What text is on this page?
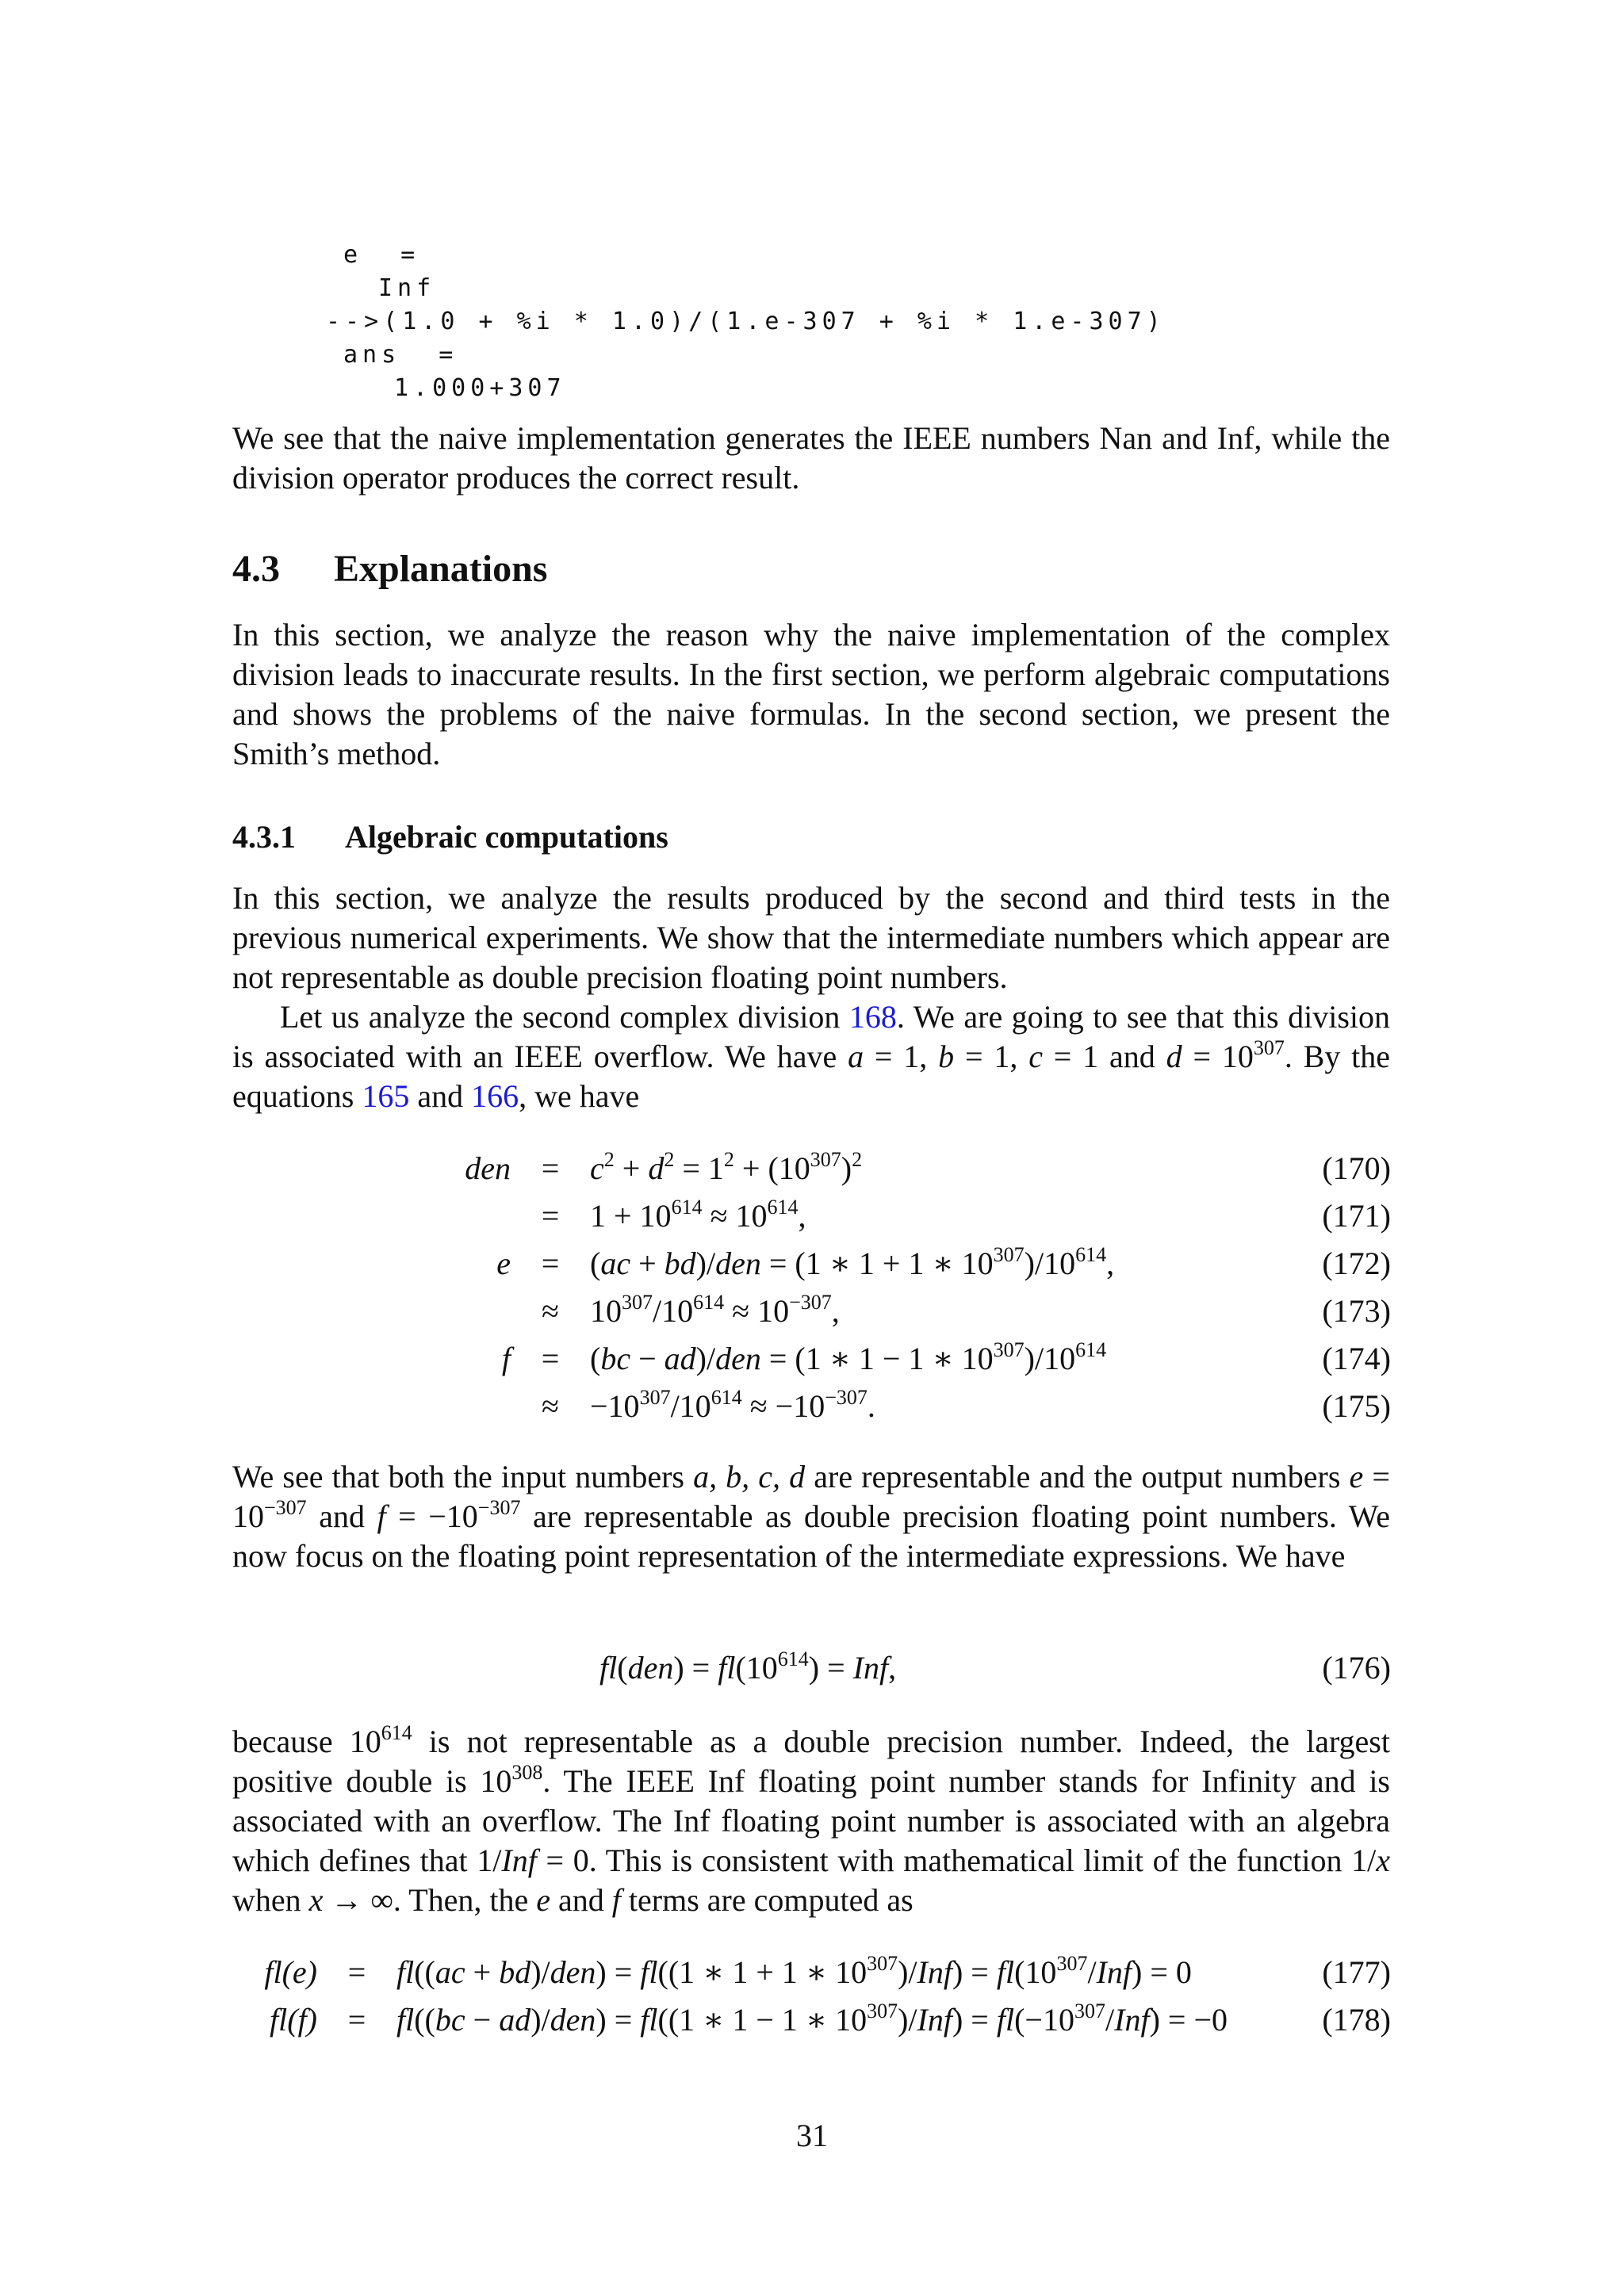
e  =
Inf
-->(1.0 + %i * 1.0)/(1.e-307 + %i * 1.e-307)
ans  =
1.000+307

We see that the naive implementation generates the IEEE numbers Nan and Inf, while the division operator produces the correct result.

4.3 Explanations

In this section, we analyze the reason why the naive implementation of the complex division leads to inaccurate results. In the first section, we perform algebraic computations and shows the problems of the naive formulas. In the second section, we present the Smith’s method.

4.3.1 Algebraic computations

In this section, we analyze the results produced by the second and third tests in the previous numerical experiments. We show that the intermediate numbers which appear are not representable as double precision floating point numbers.

Let us analyze the second complex division 168. We are going to see that this division is associated with an IEEE overflow. We have a = 1, b = 1, c = 1 and $d = 10^{307}$. By the equations 165 and 166, we have

den = $c^2 + d^2 = 1^2 + (10^{307})^2$	(170)
= $1 + 10^{614} \approx 10^{614}$,	(171)
e = (ac + bd)/den = (1 ∗ 1 + 1 ∗ $10^{307})/10^{614}$,	(172)
≈ $10^{307}/10^{614} \approx 10^{-307}$,	(173)
f = (bc − ad)/den = (1 ∗ 1 − 1 ∗ $10^{307})/10^{614}$	(174)
≈ $-10^{307}/10^{614} \approx -10^{-307}$.	(175)

We see that both the input numbers a, b, c, d are representable and the output numbers $e = 10^{-307}$ and $f = -10^{-307}$ are representable as double precision floating point numbers. We now focus on the floating point representation of the intermediate expressions. We have

$fl(den) = fl(10^{614})$ = Inf,	(176)

because $10^{614}$ is not representable as a double precision number. Indeed, the largest positive double is $10^{308}$. The IEEE Inf floating point number stands for Infinity and is associated with an overflow. The Inf floating point number is associated with an algebra which defines that 1/Inf = 0. This is consistent with mathematical limit of the function 1/x when x → ∞. Then, the e and f terms are computed as

fl(e) = fl((ac + bd)/den) = fl((1 ∗ 1 + 1 ∗ $10^{307})/Inf) = fl(10^{307}/Inf) = 0$	(177)
fl(f) = fl((bc − ad)/den) = fl((1 ∗ 1 − 1 ∗ $10^{307})/Inf) = fl(-10^{307}/Inf) = -0$	(178)
31
